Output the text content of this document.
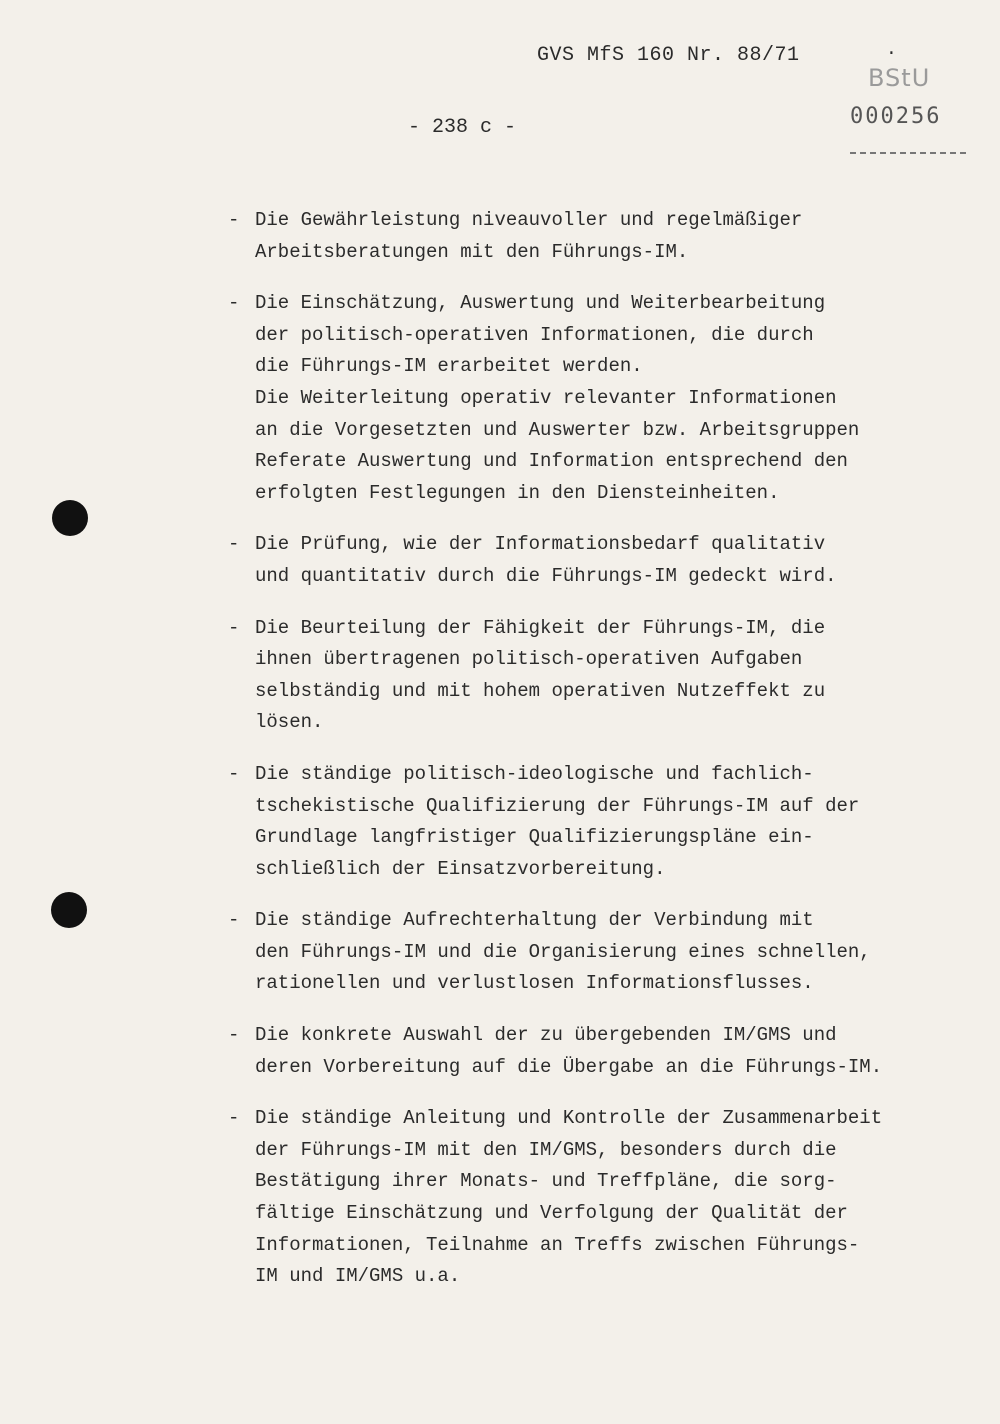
GVS MfS 160 Nr. 88/71	.
- 238 c -
BStU
000256
- Die Gewährleistung niveauvoller und regelmäßiger
Arbeitsberatungen mit den Führungs-IM.
- Die Einschätzung, Auswertung und Weiterbearbeitung
der politisch-operativen Informationen, die durch
die Führungs-IM erarbeitet werden.
Die Weiterleitung operativ relevanter Informationen
an die Vorgesetzten und Auswerter bzw. Arbeitsgruppen
Referate Auswertung und Information entsprechend den
erfolgten Festlegungen in den Diensteinheiten.
- Die Prüfung, wie der Informationsbedarf qualitativ
und quantitativ durch die Führungs-IM gedeckt wird.
- Die Beurteilung der Fähigkeit der Führungs-IM, die
ihnen übertragenen politisch-operativen Aufgaben
selbständig und mit hohem operativen Nutzeffekt zu
lösen.
- Die ständige politisch-ideologische und fachlich-
tschekistische Qualifizierung der Führungs-IM auf der
Grundlage langfristiger Qualifizierungspläne ein-
schließlich der Einsatzvorbereitung.
- Die ständige Aufrechterhaltung der Verbindung mit
den Führungs-IM und die Organisierung eines schnellen,
rationellen und verlustlosen Informationsflusses.
- Die konkrete Auswahl der zu übergebenden IM/GMS und
deren Vorbereitung auf die Übergabe an die Führungs-IM.
- Die ständige Anleitung und Kontrolle der Zusammenarbeit
der Führungs-IM mit den IM/GMS, besonders durch die
Bestätigung ihrer Monats- und Treffpläne, die sorg-
fältige Einschätzung und Verfolgung der Qualität der
Informationen, Teilnahme an Treffs zwischen Führungs-
IM und IM/GMS u.a.
